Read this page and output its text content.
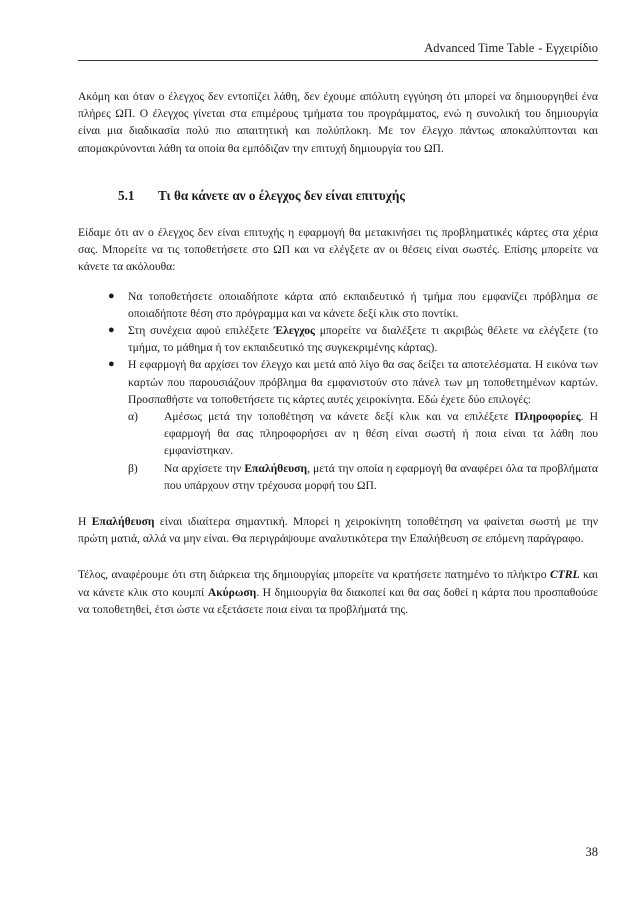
Advanced Time Table - Εγχειρίδιο

Ακόμη και όταν ο έλεγχος δεν εντοπίζει λάθη, δεν έχουμε απόλυτη εγγύηση ότι μπορεί να δημιουργηθεί ένα πλήρες ΩΠ. Ο έλεγχος γίνεται στα επιμέρους τμήματα του προγράμματος, ενώ η συνολική του δημιουργία είναι μια διαδικασία πολύ πιο απαιτητική και πολύπλοκη. Με τον έλεγχο πάντως αποκαλύπτονται και απομακρύνονται λάθη τα οποία θα εμπόδιζαν την επιτυχή δημιουργία του ΩΠ.

5.1 Τι θα κάνετε αν ο έλεγχος δεν είναι επιτυχής

Είδαμε ότι αν ο έλεγχος δεν είναι επιτυχής η εφαρμογή θα μετακινήσει τις προβληματικές κάρτες στα χέρια σας. Μπορείτε να τις τοποθετήσετε στο ΩΠ και να ελέγξετε αν οι θέσεις είναι σωστές. Επίσης μπορείτε να κάνετε τα ακόλουθα:

● Να τοποθετήσετε οποιαδήποτε κάρτα από εκπαιδευτικό ή τμήμα που εμφανίζει πρόβλημα σε οποιαδήποτε θέση στο πρόγραμμα και να κάνετε δεξί κλικ στο ποντίκι.
● Στη συνέχεια αφού επιλέξετε Έλεγχος μπορείτε να διαλέξετε τι ακριβώς θέλετε να ελέγξετε (το τμήμα, το μάθημα ή τον εκπαιδευτικό της συγκεκριμένης κάρτας).
● Η εφαρμογή θα αρχίσει τον έλεγχο και μετά από λίγο θα σας δείξει τα αποτελέσματα. Η εικόνα των καρτών που παρουσιάζουν πρόβλημα θα εμφανιστούν στο πάνελ των μη τοποθετημένων καρτών. Προσπαθήστε να τοποθετήσετε τις κάρτες αυτές χειροκίνητα. Εδώ έχετε δύο επιλογές:
α)	Αμέσως μετά την τοποθέτηση να κάνετε δεξί κλικ και να επιλέξετε Πληροφορίες. Η εφαρμογή θα σας πληροφορήσει αν η θέση είναι σωστή ή ποια είναι τα λάθη που εμφανίστηκαν.
β)	Να αρχίσετε την Επαλήθευση, μετά την οποία η εφαρμογή θα αναφέρει όλα τα προβλήματα που υπάρχουν στην τρέχουσα μορφή του ΩΠ.

Η Επαλήθευση είναι ιδιαίτερα σημαντική. Μπορεί η χειροκίνητη τοποθέτηση να φαίνεται σωστή με την πρώτη ματιά, αλλά να μην είναι. Θα περιγράψουμε αναλυτικότερα την Επαλήθευση σε επόμενη παράγραφο.

Τέλος, αναφέρουμε ότι στη διάρκεια της δημιουργίας μπορείτε να κρατήσετε πατημένο το πλήκτρο CTRL και να κάνετε κλικ στο κουμπί Ακύρωση. Η δημιουργία θα διακοπεί και θα σας δοθεί η κάρτα που προσπαθούσε να τοποθετηθεί, έτσι ώστε να εξετάσετε ποια είναι τα προβλήματά της.

38
